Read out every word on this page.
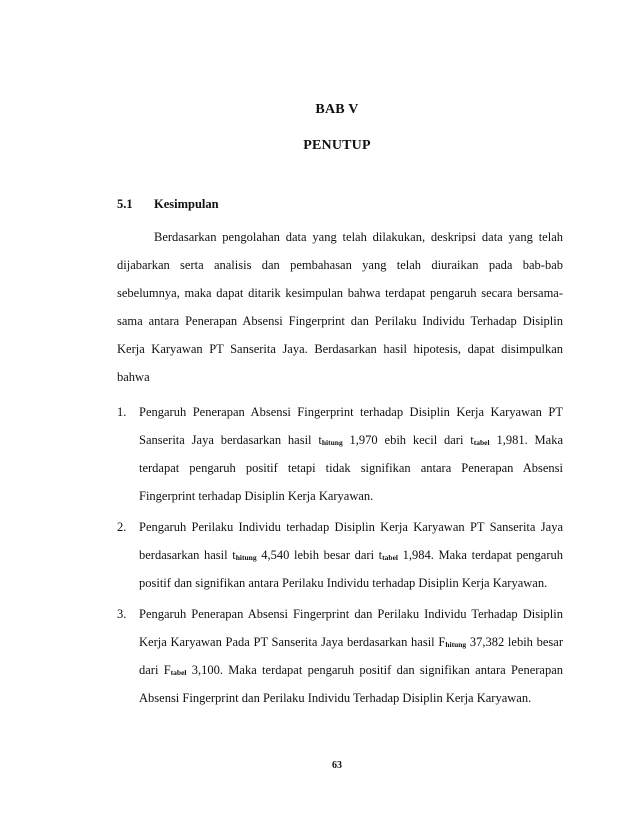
BAB V
PENUTUP
5.1 Kesimpulan

Berdasarkan pengolahan data yang telah dilakukan, deskripsi data yang telah dijabarkan serta analisis dan pembahasan yang telah diuraikan pada bab-bab sebelumnya, maka dapat ditarik kesimpulan bahwa terdapat pengaruh secara bersama-sama antara Penerapan Absensi Fingerprint dan Perilaku Individu Terhadap Disiplin Kerja Karyawan PT Sanserita Jaya. Berdasarkan hasil hipotesis, dapat disimpulkan bahwa

1. Pengaruh Penerapan Absensi Fingerprint terhadap Disiplin Kerja Karyawan PT Sanserita Jaya berdasarkan hasil $t_{hitung}$ 1,970 ebih kecil dari $t_{tabel}$ 1,981. Maka terdapat pengaruh positif tetapi tidak signifikan antara Penerapan Absensi Fingerprint terhadap Disiplin Kerja Karyawan.
2. Pengaruh Perilaku Individu terhadap Disiplin Kerja Karyawan PT Sanserita Jaya berdasarkan hasil $t_{hitung}$ 4,540 lebih besar dari $t_{tabel}$ 1,984. Maka terdapat pengaruh positif dan signifikan antara Perilaku Individu terhadap Disiplin Kerja Karyawan.
3. Pengaruh Penerapan Absensi Fingerprint dan Perilaku Individu Terhadap Disiplin Kerja Karyawan Pada PT Sanserita Jaya berdasarkan hasil $F_{hitung}$ 37,382 lebih besar dari $F_{tabel}$ 3,100. Maka terdapat pengaruh positif dan signifikan antara Penerapan Absensi Fingerprint dan Perilaku Individu Terhadap Disiplin Kerja Karyawan.
63
